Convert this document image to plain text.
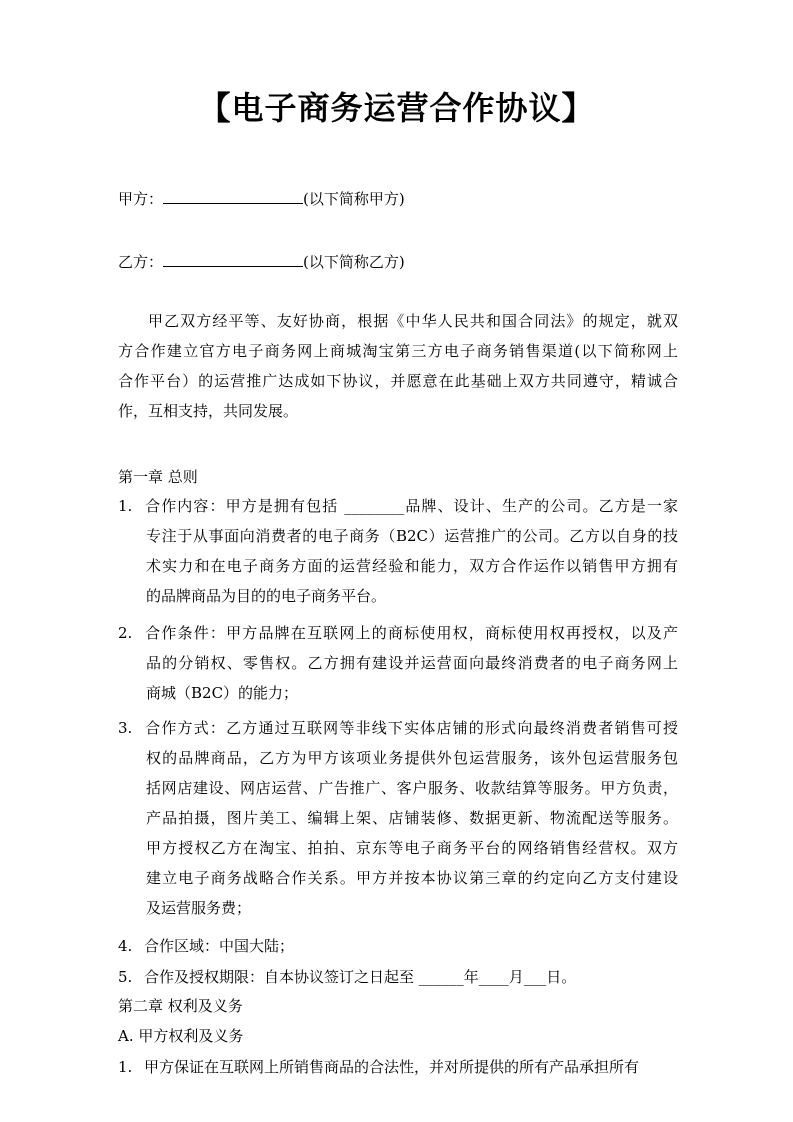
【电子商务运营合作协议】
甲方：	(以下简称甲方)
乙方：	(以下简称乙方)
甲乙双方经平等、友好协商，根据《中华人民共和国合同法》的规定，就双
方合作建立官方电子商务网上商城淘宝第三方电子商务销售渠道(以下简称网上
合作平台）的运营推广达成如下协议，并愿意在此基础上双方共同遵守，精诚合
作，互相支持，共同发展。
第一章 总则
1. 合作内容：甲方是拥有包括 ________品牌、设计、生产的公司。乙方是一家
专注于从事面向消费者的电子商务（B2C）运营推广的公司。乙方以自身的技
术实力和在电子商务方面的运营经验和能力，双方合作运作以销售甲方拥有
的品牌商品为目的的电子商务平台。
2. 合作条件：甲方品牌在互联网上的商标使用权，商标使用权再授权，以及产
品的分销权、零售权。乙方拥有建设并运营面向最终消费者的电子商务网上
商城（B2C）的能力；
3. 合作方式：乙方通过互联网等非线下实体店铺的形式向最终消费者销售可授
权的品牌商品，乙方为甲方该项业务提供外包运营服务，该外包运营服务包
括网店建设、网店运营、广告推广、客户服务、收款结算等服务。甲方负责，
产品拍摄，图片美工、编辑上架、店铺装修、数据更新、物流配送等服务。
甲方授权乙方在淘宝、拍拍、京东等电子商务平台的网络销售经营权。双方
建立电子商务战略合作关系。甲方并按本协议第三章的约定向乙方支付建设
及运营服务费；
4. 合作区域：中国大陆；
5. 合作及授权期限：自本协议签订之日起至 ______年____月___日。
第二章 权利及义务
A. 甲方权利及义务
1. 甲方保证在互联网上所销售商品的合法性，并对所提供的所有产品承担所有
